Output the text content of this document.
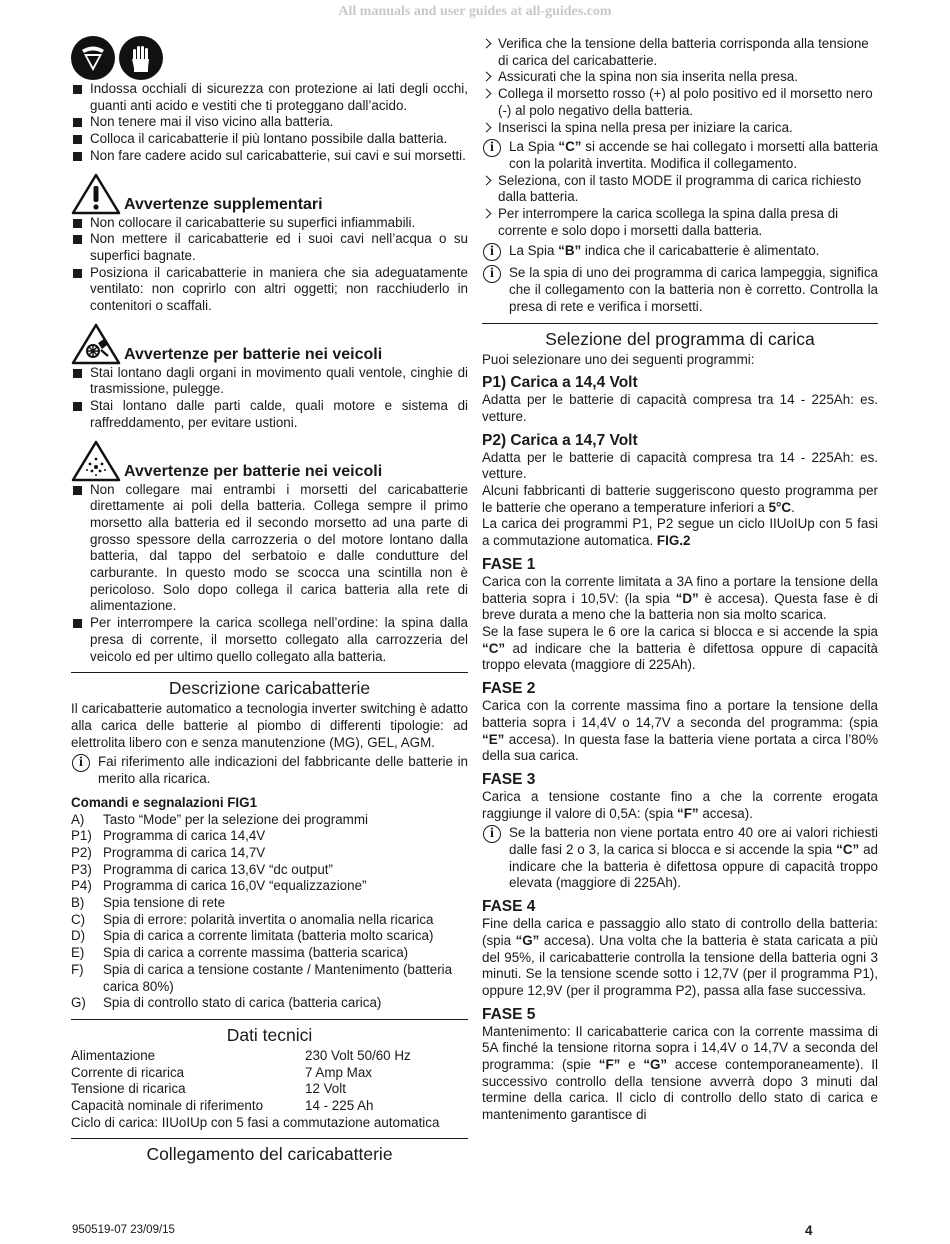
All manuals and user guides at all-guides.com
Indossa occhiali di sicurezza con protezione ai lati degli occhi, guanti anti acido e vestiti che ti proteggano dall’acido.
Non tenere mai il viso vicino alla batteria.
Colloca il caricabatterie il più lontano possibile dalla batteria.
Non fare cadere acido sul caricabatterie, sui cavi e sui morsetti.
Avvertenze supplementari
Non collocare il caricabatterie su superfici infiammabili.
Non mettere il caricabatterie ed i suoi cavi nell’acqua o su superfici bagnate.
Posiziona il caricabatterie in maniera che sia adeguatamente ventilato: non coprirlo con altri oggetti; non racchiuderlo in contenitori o scaffali.
Avvertenze per batterie nei veicoli
Stai lontano dagli organi in movimento quali ventole, cinghie di trasmissione, pulegge.
Stai lontano dalle parti calde, quali motore e sistema di raffreddamento, per evitare ustioni.
Avvertenze per batterie nei veicoli
Non collegare mai entrambi i morsetti del caricabatterie direttamente ai poli della batteria. Collega sempre il primo morsetto alla batteria ed il secondo morsetto ad una parte di grosso spessore della carrozzeria o del motore lontano dalla batteria, dal tappo del serbatoio e dalle condutture del carburante. In questo modo se scocca una scintilla non è pericoloso. Solo dopo collega il carica batteria alla rete di alimentazione.
Per interrompere la carica scollega nell’ordine: la spina dalla presa di corrente, il morsetto collegato alla carrozzeria del veicolo ed per ultimo quello collegato alla batteria.
Descrizione caricabatterie

Il caricabatterie automatico a tecnologia inverter switching è adatto alla carica delle batterie al piombo di differenti tipologie: ad elettrolita libero con e senza manutenzione (MG), GEL, AGM.

i	Fai riferimento alle indicazioni del fabbricante delle batterie in merito alla ricarica.
Comandi e segnalazioni FIG1
A)	Tasto “Mode” per la selezione dei programmi
P1) Programma di carica 14,4V
P2) Programma di carica 14,7V
P3) Programma di carica 13,6V “dc output”
P4) Programma di carica 16,0V “equalizzazione”
B)	Spia tensione di rete
C)	Spia di errore: polarità invertita o anomalia nella ricarica
D)	Spia di carica a corrente limitata (batteria molto scarica)
E)	Spia di carica a corrente massima (batteria scarica)
F)	Spia di carica a tensione costante / Mantenimento (batteria carica 80%)
G)	Spia di controllo stato di carica (batteria carica)
Dati tecnici
Alimentazione	230 Volt 50/60 Hz
Corrente di ricarica	7 Amp Max
Tensione di ricarica	12 Volt
Capacità nominale di riferimento	14 - 225 Ah
Ciclo di carica: IIUoIUp con 5 fasi a commutazione automatica
Collegamento del caricabatterie
Verifica che la tensione della batteria corrisponda alla tensione di carica del caricabatterie.
Assicurati che la spina non sia inserita nella presa.
Collega il morsetto rosso (+) al polo positivo ed il morsetto nero (-) al polo negativo della batteria.
Inserisci la spina nella presa per iniziare la carica.
i	La Spia “C” si accende se hai collegato i morsetti alla batteria con la polarità invertita. Modifica il collegamento.
Seleziona, con il tasto MODE il programma di carica richiesto dalla batteria.
Per interrompere la carica scollega la spina dalla presa di corrente e solo dopo i morsetti dalla batteria.
i	La Spia “B” indica che il caricabatterie è alimentato.
i	Se la spia di uno dei programma di carica lampeggia, significa che il collegamento con la batteria non è corretto. Controlla la presa di rete e verifica i morsetti.
Selezione del programma di carica

Puoi selezionare uno dei seguenti programmi:

P1) Carica a 14,4 Volt

Adatta per le batterie di capacità compresa tra 14 - 225Ah: es. vetture.

P2) Carica a 14,7 Volt

Adatta per le batterie di capacità compresa tra 14 - 225Ah: es. vetture.

Alcuni fabbricanti di batterie suggeriscono questo programma per le batterie che operano a temperature inferiori a 5°C.

La carica dei programmi P1, P2 segue un ciclo IIUoIUp con 5 fasi a commutazione automatica. FIG.2

FASE 1

Carica con la corrente limitata a 3A fino a portare la tensione della batteria sopra i 10,5V: (la spia “D” è accesa). Questa fase è di breve durata a meno che la batteria non sia molto scarica.

Se la fase supera le 6 ore la carica si blocca e si accende la spia “C” ad indicare che la batteria è difettosa oppure di capacità troppo elevata (maggiore di 225Ah).

FASE 2

Carica con la corrente massima fino a portare la tensione della batteria sopra i 14,4V o 14,7V a seconda del programma: (spia “E” accesa). In questa fase la batteria viene portata a circa l’80% della sua carica.

FASE 3

Carica a tensione costante fino a che la corrente erogata raggiunge il valore di 0,5A: (spia “F” accesa).

i	Se la batteria non viene portata entro 40 ore ai valori richiesti dalle fasi 2 o 3, la carica si blocca e si accende la spia “C” ad indicare che la batteria è difettosa oppure di capacità troppo elevata (maggiore di 225Ah).
FASE 4

Fine della carica e passaggio allo stato di controllo della batteria: (spia “G” accesa). Una volta che la batteria è stata caricata a più del 95%, il caricabatterie controlla la tensione della batteria ogni 3 minuti. Se la tensione scende sotto i 12,7V (per il programma P1), oppure 12,9V (per il programma P2), passa alla fase successiva.

FASE 5

Mantenimento: Il caricabatterie carica con la corrente massima di 5A finché la tensione ritorna sopra i 14,4V o 14,7V a seconda del programma: (spie “F” e “G” accese contemporaneamente). Il successivo controllo della tensione avverrà dopo 3 minuti dal termine della carica. Il ciclo di controllo dello stato di carica e mantenimento garantisce di

950519-07 23/09/15	4
